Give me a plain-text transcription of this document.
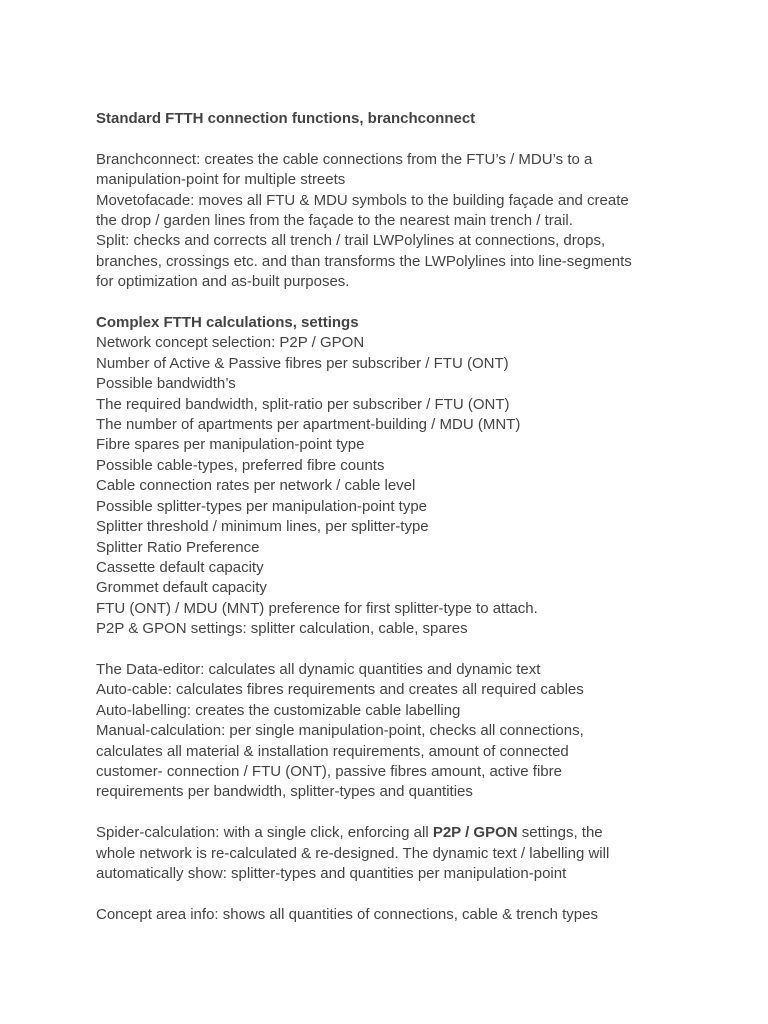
Standard FTTH connection functions, branchconnect

Branchconnect: creates the cable connections from the FTU’s / MDU’s to a

manipulation-point for multiple streets

Movetofacade: moves all FTU & MDU symbols to the building façade and create

the drop / garden lines from the façade to the nearest main trench / trail.

Split: checks and corrects all trench / trail LWPolylines at connections, drops,

branches, crossings etc. and than transforms the LWPolylines into line-segments

for optimization and as-built purposes.

Complex FTTH calculations, settings

Network concept selection: P2P / GPON

Number of Active & Passive fibres per subscriber / FTU (ONT)

Possible bandwidth’s

The required bandwidth, split-ratio per subscriber / FTU (ONT)

The number of apartments per apartment-building / MDU (MNT)

Fibre spares per manipulation-point type

Possible cable-types, preferred fibre counts

Cable connection rates per network / cable level

Possible splitter-types per manipulation-point type

Splitter threshold / minimum lines, per splitter-type

Splitter Ratio Preference

Cassette default capacity

Grommet default capacity

FTU (ONT) / MDU (MNT) preference for first splitter-type to attach.

P2P & GPON settings: splitter calculation, cable, spares

The Data-editor: calculates all dynamic quantities and dynamic text

Auto-cable: calculates fibres requirements and creates all required cables

Auto-labelling: creates the customizable cable labelling

Manual-calculation: per single manipulation-point, checks all connections,

calculates all material & installation requirements, amount of connected

customer- connection / FTU (ONT), passive fibres amount, active fibre

requirements per bandwidth, splitter-types and quantities

Spider-calculation: with a single click, enforcing all P2P / GPON settings, the

whole network is re-calculated & re-designed. The dynamic text / labelling will

automatically show: splitter-types and quantities per manipulation-point

Concept area info: shows all quantities of connections, cable & trench types
